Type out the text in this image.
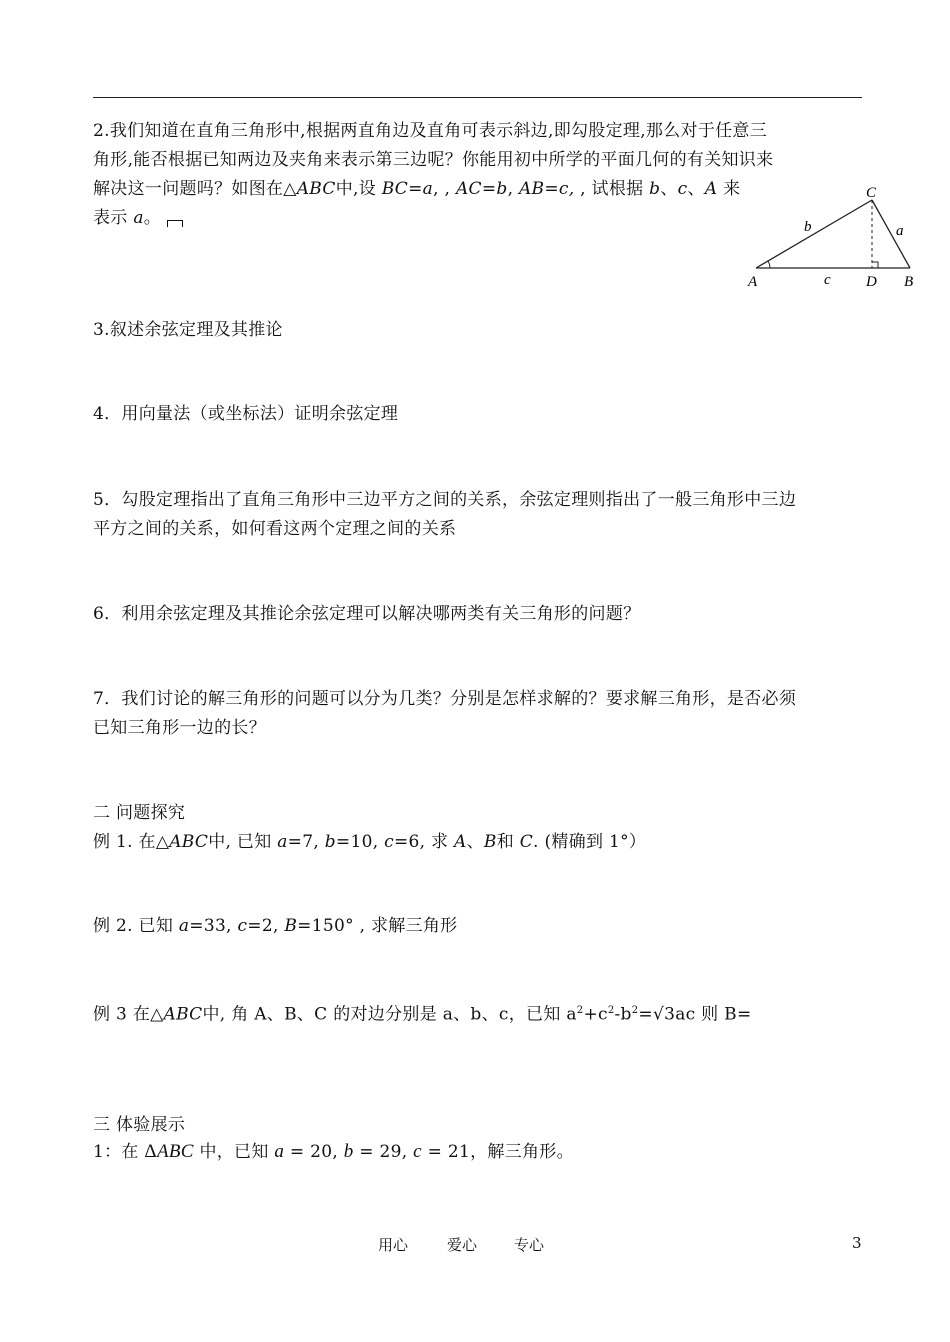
2.我们知道在直角三角形中,根据两直角边及直角可表示斜边,即勾股定理,那么对于任意三
角形,能否根据已知两边及夹角来表示第三边呢？你能用初中所学的平面几何的有关知识来
解决这一问题吗？如图在△ABC中,设 BC=a, , AC=b, AB=c, , 试根据 b、c、A 来
表示 a。
C
A	B
D
b	a
c
3.叙述余弦定理及其推论
4．用向量法（或坐标法）证明余弦定理
5．勾股定理指出了直角三角形中三边平方之间的关系，余弦定理则指出了一般三角形中三边
平方之间的关系，如何看这两个定理之间的关系
6．利用余弦定理及其推论余弦定理可以解决哪两类有关三角形的问题？
7．我们讨论的解三角形的问题可以分为几类？分别是怎样求解的？要求解三角形，是否必须
已知三角形一边的长？
二 问题探究
例 1. 在△ABC中, 已知 a=7, b=10, c=6, 求 A、B和 C. (精确到 1°）
例 2. 已知 a=33, c=2, B=150° , 求解三角形
例 3 在△ABC中, 角 A、B、C 的对边分别是 a、b、c，已知 $a^2+c^2-b^2=√3ac$ 则 B=
三 体验展示
1：在 ΔABC 中，已知 a = 20, b = 29, c = 21，解三角形。
用心	爱心 专心	3
